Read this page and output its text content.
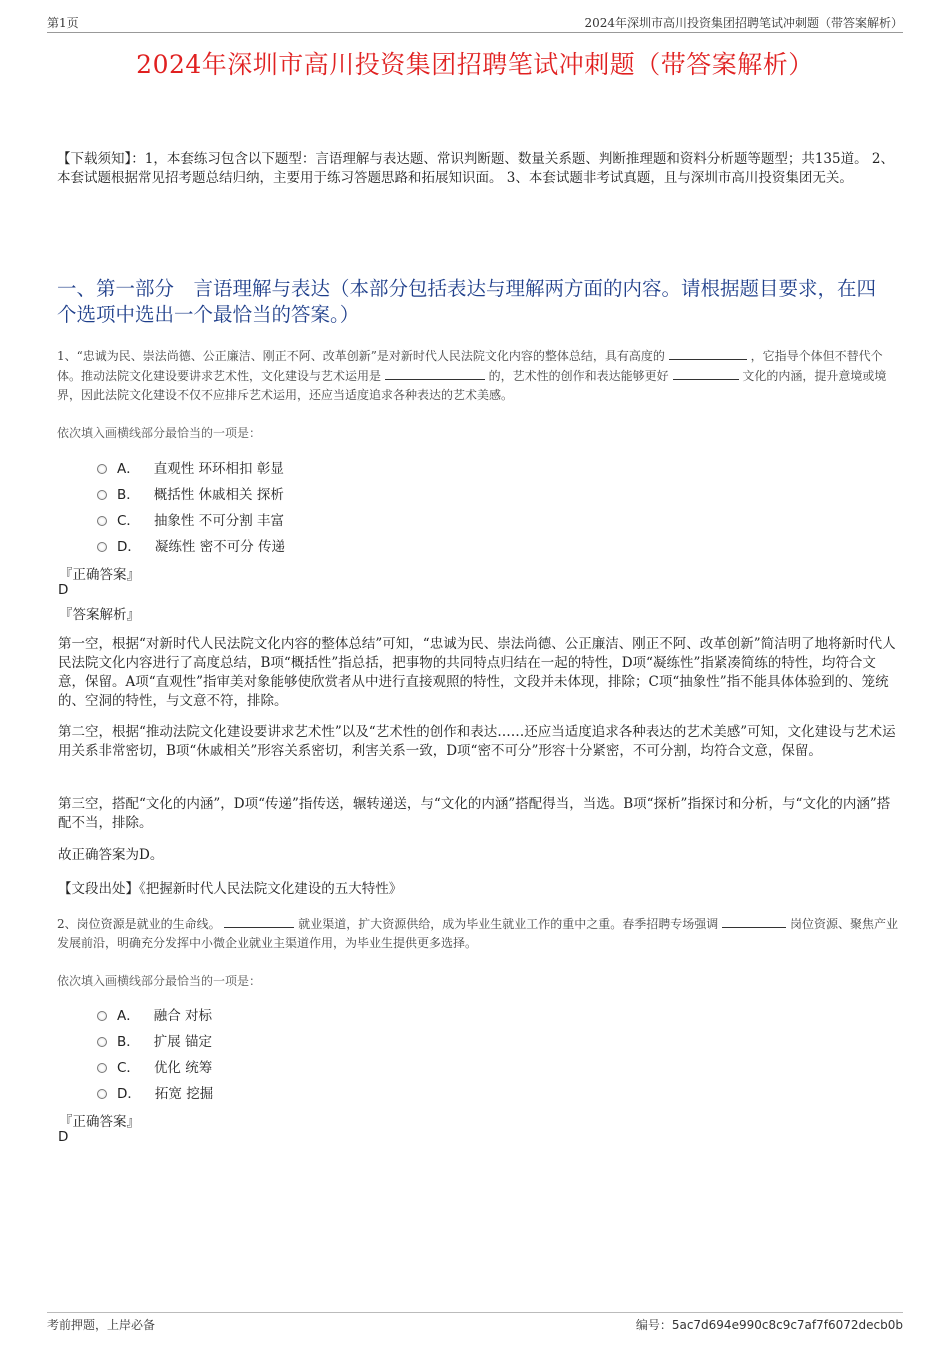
第1页	2024年深圳市高川投资集团招聘笔试冲刺题（带答案解析）
2024年深圳市高川投资集团招聘笔试冲刺题（带答案解析）
【下载须知】：1，本套练习包含以下题型：言语理解与表达题、常识判断题、数量关系题、判断推理题和资料分析题等题型；共135道。 2、本套试题根据常见招考题总结归纳，主要用于练习答题思路和拓展知识面。 3、本套试题非考试真题，且与深圳市高川投资集团无关。
一、第一部分　言语理解与表达（本部分包括表达与理解两方面的内容。请根据题目要求，在四个选项中选出一个最恰当的答案。）
1、“忠诚为民、崇法尚德、公正廉洁、刚正不阿、改革创新”是对新时代人民法院文化内容的整体总结，具有高度的	，它指导个体但不替代个体。推动法院文化建设要讲求艺术性，文化建设与艺术运用是	的，艺术性的创作和表达能够更好	文化的内涵，提升意境或境界，因此法院文化建设不仅不应排斥艺术运用，还应当适度追求各种表达的艺术美感。
依次填入画横线部分最恰当的一项是：
A． 直观性 环环相扣 彰显
B． 概括性 休戚相关 探析
C． 抽象性 不可分割 丰富
D． 凝练性 密不可分 传递
『正确答案』
D
『答案解析』
第一空，根据“对新时代人民法院文化内容的整体总结”可知，“忠诚为民、崇法尚德、公正廉洁、刚正不阿、改革创新”简洁明了地将新时代人民法院文化内容进行了高度总结，B项“概括性”指总括，把事物的共同特点归结在一起的特性，D项“凝练性”指紧凑简练的特性，均符合文意，保留。A项“直观性”指审美对象能够使欣赏者从中进行直接观照的特性，文段并未体现，排除；C项“抽象性”指不能具体体验到的、笼统的、空洞的特性，与文意不符，排除。
第二空，根据“推动法院文化建设要讲求艺术性”以及“艺术性的创作和表达……还应当适度追求各种表达的艺术美感”可知，文化建设与艺术运用关系非常密切，B项“休戚相关”形容关系密切，利害关系一致，D项“密不可分”形容十分紧密，不可分割，均符合文意，保留。
第三空，搭配“文化的内涵”，D项“传递”指传送，辗转递送，与“文化的内涵”搭配得当，当选。B项“探析”指探讨和分析，与“文化的内涵”搭配不当，排除。
故正确答案为D。
【文段出处】《把握新时代人民法院文化建设的五大特性》
2、岗位资源是就业的生命线。	就业渠道，扩大资源供给，成为毕业生就业工作的重中之重。春季招聘专场强调	岗位资源、聚焦产业发展前沿，明确充分发挥中小微企业就业主渠道作用，为毕业生提供更多选择。
依次填入画横线部分最恰当的一项是：
A． 融合 对标
B． 扩展 锚定
C． 优化 统筹
D． 拓宽 挖掘
『正确答案』
D
考前押题，上岸必备	编号：5ac7d694e990c8c9c7af7f6072decb0b
